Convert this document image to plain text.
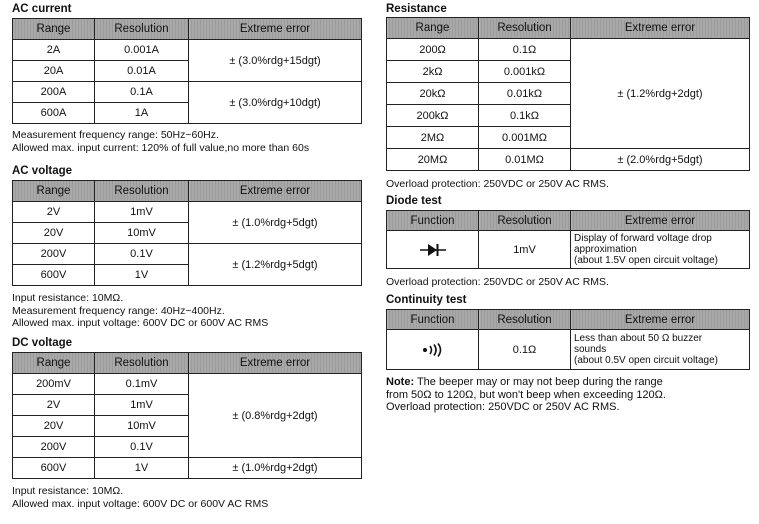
AC current
Range	Resolution	Extreme error
2A	0.001A	± (3.0%rdg+15dgt)
20A	0.01A	
200A	0.1A	± (3.0%rdg+10dgt)
600A	1A	
Measurement frequency range: 50Hz~60Hz.
Allowed max. input current: 120% of full value,no more than 60s
AC voltage
Range	Resolution	Extreme error
2V	1mV	± (1.0%rdg+5dgt)
20V	10mV	
200V	0.1V	± (1.2%rdg+5dgt)
600V	1V	
Input resistance: 10MΩ.
Measurement frequency range: 40Hz~400Hz.
Allowed max. input voltage: 600V DC or 600V AC RMS
DC voltage
Range	Resolution	Extreme error
200mV	0.1mV	± (0.8%rdg+2dgt)
2V	1mV	
20V	10mV	
200V	0.1V	
600V	1V	± (1.0%rdg+2dgt)
Input resistance: 10MΩ.
Allowed max. input voltage: 600V DC or 600V AC RMS
Resistance
Range	Resolution	Extreme error
200Ω	0.1Ω	± (1.2%rdg+2dgt)
2kΩ	0.001kΩ	
20kΩ	0.01kΩ	
200kΩ	0.1kΩ	
2MΩ	0.001MΩ	
20MΩ	0.01MΩ	± (2.0%rdg+5dgt)
Overload protection: 250VDC or 250V AC RMS.
Diode test
Function	Resolution	Extreme error
	1mV	Display of forward voltage drop
approximation
(about 1.5V open circuit voltage)
Overload protection: 250VDC or 250V AC RMS.
Continuity test
Function	Resolution	Extreme error
	0.1Ω	Less than about 50 Ω buzzer
sounds
(about 0.5V open circuit voltage)
Note: The beeper may or may not beep during the range
from 50Ω to 120Ω, but won't beep when exceeding 120Ω.
Overload protection: 250VDC or 250V AC RMS.
